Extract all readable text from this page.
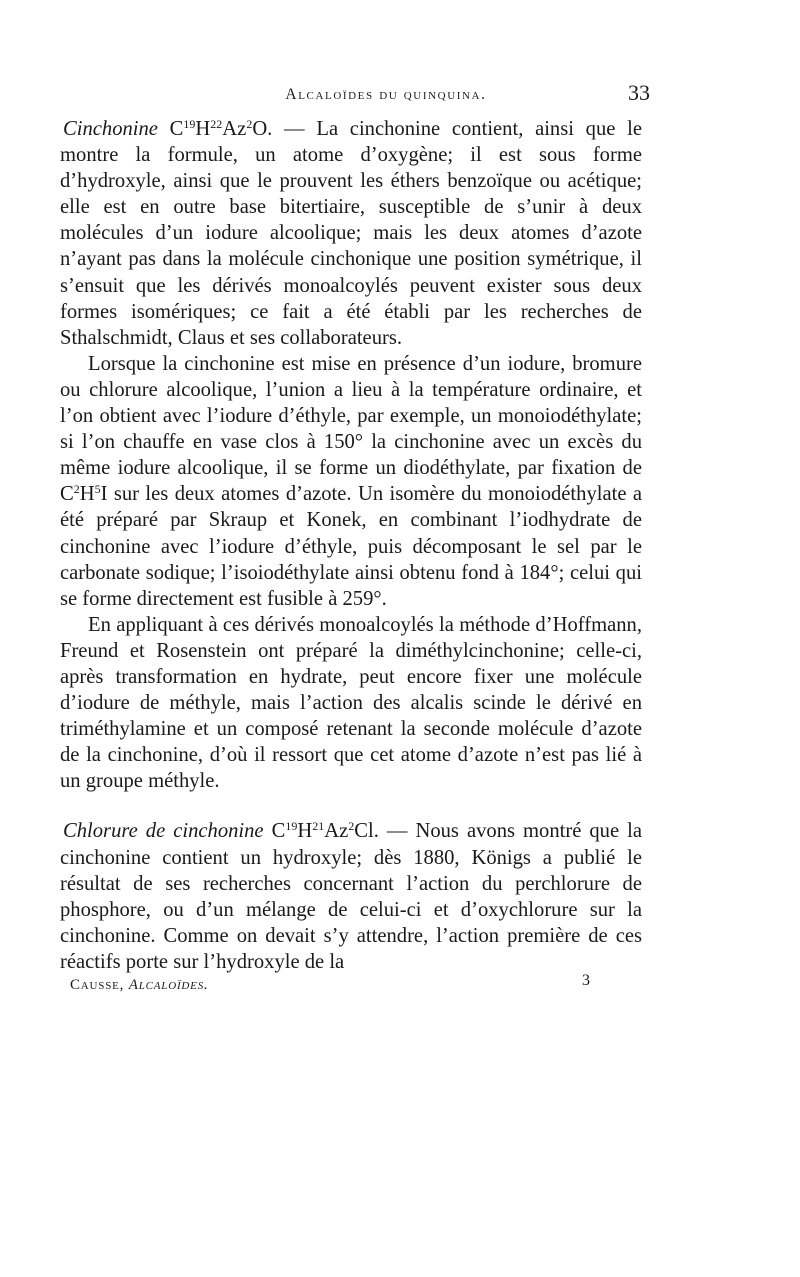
Alcaloïdes du quinquina.	33

Cinchonine $C^{19}H^{22}Az^2O$. — La cinchonine contient, ainsi que le montre la formule, un atome d’oxygène; il est sous forme d’hydroxyle, ainsi que le prouvent les éthers benzoïque ou acétique; elle est en outre base bitertiaire, susceptible de s’unir à deux molécules d’un iodure alcoolique; mais les deux atomes d’azote n’ayant pas dans la molécule cinchonique une position symétrique, il s’ensuit que les dérivés monoalcoylés peuvent exister sous deux formes isomériques; ce fait a été établi par les recherches de Sthalschmidt, Claus et ses collaborateurs.

Lorsque la cinchonine est mise en présence d’un iodure, bromure ou chlorure alcoolique, l’union a lieu à la température ordinaire, et l’on obtient avec l’iodure d’éthyle, par exemple, un monoiodéthylate; si l’on chauffe en vase clos à 150° la cinchonine avec un excès du même iodure alcoolique, il se forme un diodéthylate, par fixation de $C^2H^5I$ sur les deux atomes d’azote. Un isomère du monoiodéthylate a été préparé par Skraup et Konek, en combinant l’iodhydrate de cinchonine avec l’iodure d’éthyle, puis décomposant le sel par le carbonate sodique; l’isoiodéthylate ainsi obtenu fond à 184°; celui qui se forme directement est fusible à 259°.

En appliquant à ces dérivés monoalcoylés la méthode d’Hoffmann, Freund et Rosenstein ont préparé la diméthylcinchonine; celle-ci, après transformation en hydrate, peut encore fixer une molécule d’iodure de méthyle, mais l’action des alcalis scinde le dérivé en triméthylamine et un composé retenant la seconde molécule d’azote de la cinchonine, d’où il ressort que cet atome d’azote n’est pas lié à un groupe méthyle.

Chlorure de cinchonine $C^{19}H^{21}Az^2Cl$. — Nous avons montré que la cinchonine contient un hydroxyle; dès 1880, Königs a publié le résultat de ses recherches concernant l’action du perchlorure de phosphore, ou d’un mélange de celui-ci et d’oxychlorure sur la cinchonine. Comme on devait s’y attendre, l’action première de ces réactifs porte sur l’hydroxyle de la

Causse, Alcaloïdes.	3
